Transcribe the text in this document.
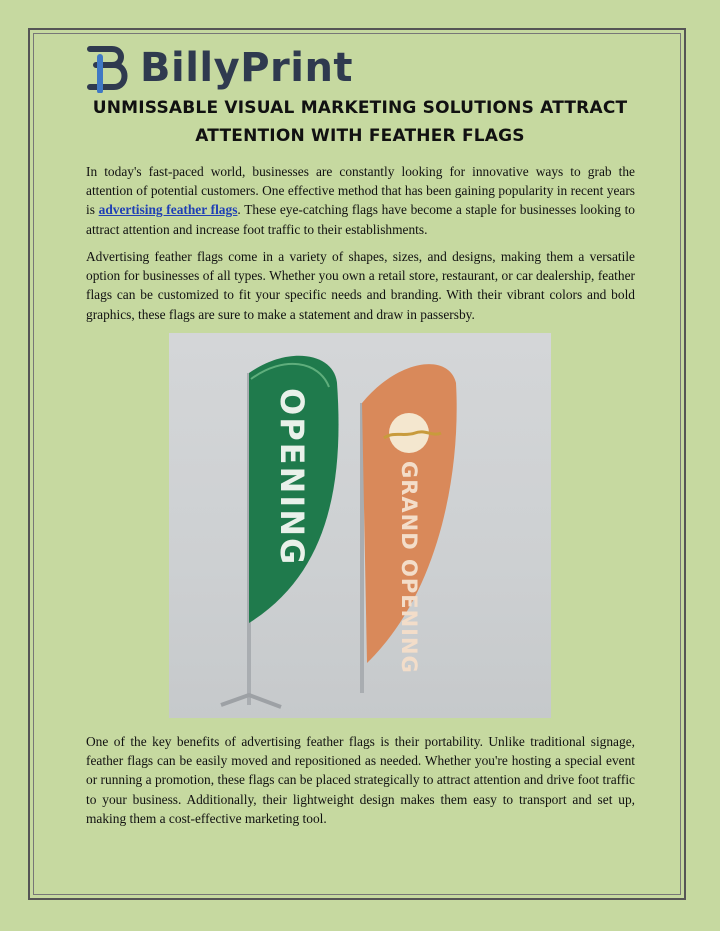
BillyPrint
UNMISSABLE VISUAL MARKETING SOLUTIONS ATTRACT
ATTENTION WITH FEATHER FLAGS

In today's fast-paced world, businesses are constantly looking for innovative ways to grab the attention of potential customers. One effective method that has been gaining popularity in recent years is advertising feather flags. These eye-catching flags have become a staple for businesses looking to attract attention and increase foot traffic to their establishments.

Advertising feather flags come in a variety of shapes, sizes, and designs, making them a versatile option for businesses of all types. Whether you own a retail store, restaurant, or car dealership, feather flags can be customized to fit your specific needs and branding. With their vibrant colors and bold graphics, these flags are sure to make a statement and draw in passersby.

OPENING	GRAND OPENING

One of the key benefits of advertising feather flags is their portability. Unlike traditional signage, feather flags can be easily moved and repositioned as needed. Whether you're hosting a special event or running a promotion, these flags can be placed strategically to attract attention and drive foot traffic to your business. Additionally, their lightweight design makes them easy to transport and set up, making them a cost-effective marketing tool.
